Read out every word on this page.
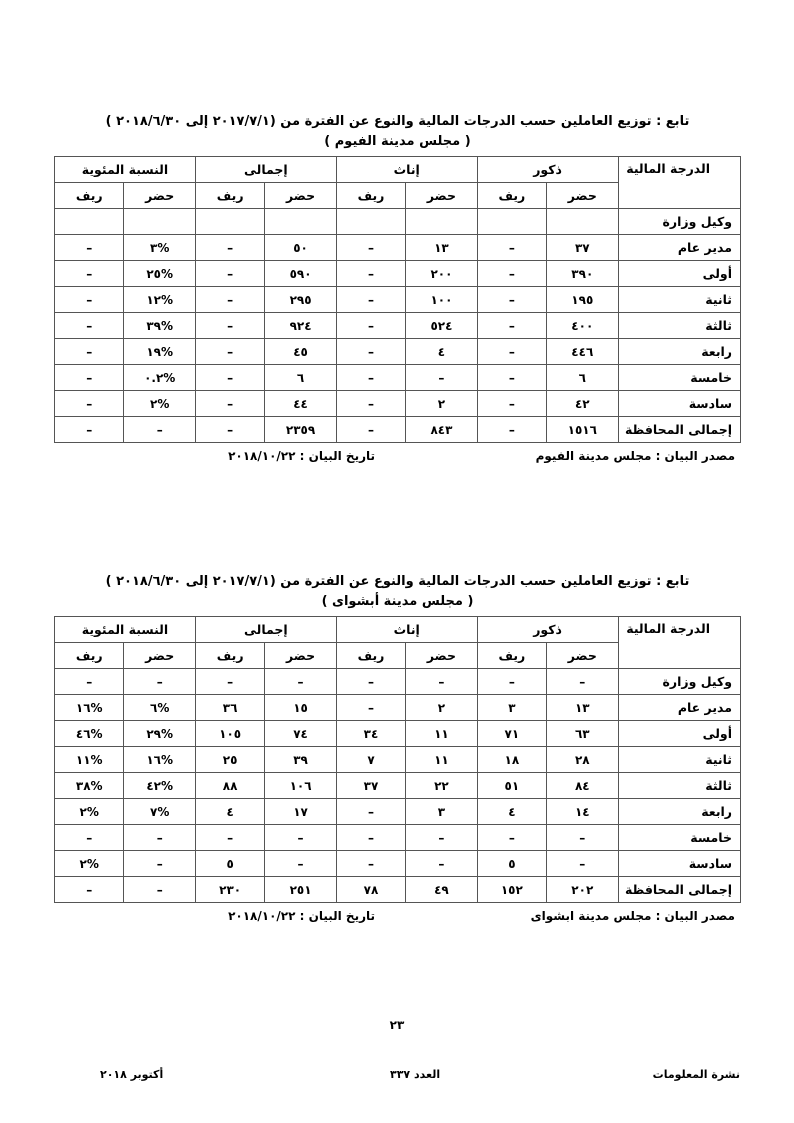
تابع : توزيع العاملين حسب الدرجات المالية والنوع عن الفترة من (٢٠١٧/٧/١ إلى ٢٠١٨/٦/٣٠ )
( مجلس مدينة الفيوم )
الدرجة المالية	ذكور		إناث		إجمالى		النسبة المئوية	
	حضر	ريف	حضر	ريف	حضر	ريف	حضر	ريف
وكيل وزارة								
مدير عام	٣٧	–	١٣	–	٥٠	–	%٣	–
أولى	٣٩٠	–	٢٠٠	–	٥٩٠	–	%٢٥	–
ثانية	١٩٥	–	١٠٠	–	٢٩٥	–	%١٢	–
ثالثة	٤٠٠	–	٥٢٤	–	٩٢٤	–	%٣٩	–
رابعة	٤٤٦	–	٤	–	٤٥	–	%١٩	–
خامسة	٦	–	–	–	٦	–	%٠.٢	–
سادسة	٤٢	–	٢	–	٤٤	–	%٢	–
إجمالى المحافظة	١٥١٦	–	٨٤٣	–	٢٣٥٩	–	–	–
مصدر البيان : مجلس مدينة الفيوم
تاريخ البيان : ٢٠١٨/١٠/٢٢
تابع : توزيع العاملين حسب الدرجات المالية والنوع عن الفترة من (٢٠١٧/٧/١ إلى ٢٠١٨/٦/٣٠ )
( مجلس مدينة أبشواى )
الدرجة المالية	ذكور		إناث		إجمالى		النسبة المئوية	
	حضر	ريف	حضر	ريف	حضر	ريف	حضر	ريف
وكيل وزارة	–	–	–	–	–	–	–	–
مدير عام	١٣	٣	٢	–	١٥	٣٦	%٦	%١٦
أولى	٦٣	٧١	١١	٣٤	٧٤	١٠٥	%٢٩	%٤٦
ثانية	٢٨	١٨	١١	٧	٣٩	٢٥	%١٦	%١١
ثالثة	٨٤	٥١	٢٢	٣٧	١٠٦	٨٨	%٤٢	%٣٨
رابعة	١٤	٤	٣	–	١٧	٤	%٧	%٢
خامسة	–	–	–	–	–	–	–	–
سادسة	–	٥	–	–	–	٥	–	%٢
إجمالى المحافظة	٢٠٢	١٥٢	٤٩	٧٨	٢٥١	٢٣٠	–	–
مصدر البيان : مجلس مدينة ابشواى
تاريخ البيان : ٢٠١٨/١٠/٢٢
٢٣
نشرة المعلومات
العدد ٣٣٧
أكتوبر ٢٠١٨
